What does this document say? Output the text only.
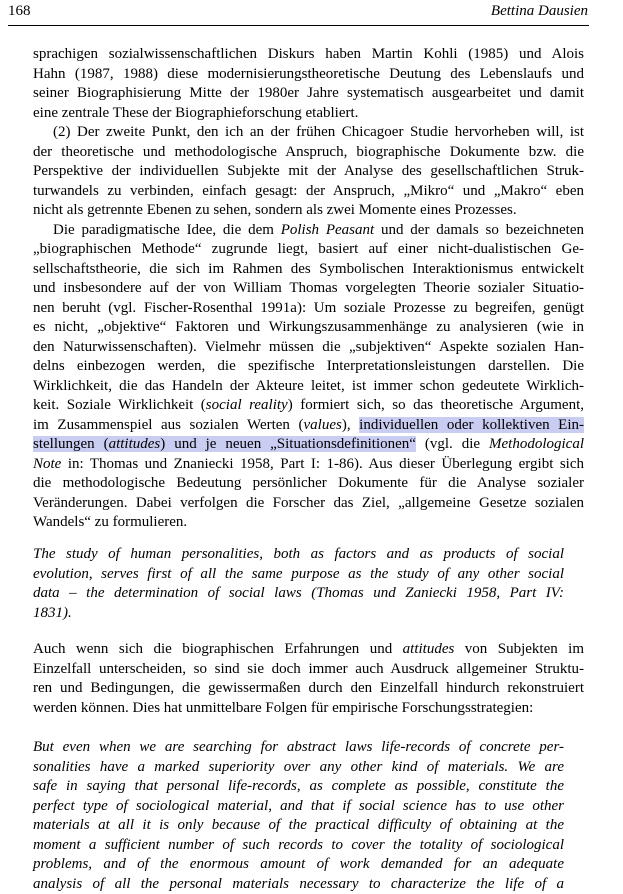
168	Bettina Dausien
sprachigen sozialwissenschaftlichen Diskurs haben Martin Kohli (1985) und Alois
Hahn (1987, 1988) diese modernisierungstheoretische Deutung des Lebenslaufs und
seiner Biographisierung Mitte der 1980er Jahre systematisch ausgearbeitet und damit
eine zentrale These der Biographieforschung etabliert.
(2) Der zweite Punkt, den ich an der frühen Chicagoer Studie hervorheben will, ist
der theoretische und methodologische Anspruch, biographische Dokumente bzw. die
Perspektive der individuellen Subjekte mit der Analyse des gesellschaftlichen Struk-
turwandels zu verbinden, einfach gesagt: der Anspruch, „Mikro“ und „Makro“ eben
nicht als getrennte Ebenen zu sehen, sondern als zwei Momente eines Prozesses.
Die paradigmatische Idee, die dem Polish Peasant und der damals so bezeichneten
„biographischen Methode“ zugrunde liegt, basiert auf einer nicht-dualistischen Ge-
sellschaftstheorie, die sich im Rahmen des Symbolischen Interaktionismus entwickelt
und insbesondere auf der von William Thomas vorgelegten Theorie sozialer Situatio-
nen beruht (vgl. Fischer-Rosenthal 1991a): Um soziale Prozesse zu begreifen, genügt
es nicht, „objektive“ Faktoren und Wirkungszusammenhänge zu analysieren (wie in
den Naturwissenschaften). Vielmehr müssen die „subjektiven“ Aspekte sozialen Han-
delns einbezogen werden, die spezifische Interpretationsleistungen darstellen. Die
Wirklichkeit, die das Handeln der Akteure leitet, ist immer schon gedeutete Wirklich-
keit. Soziale Wirklichkeit (social reality) formiert sich, so das theoretische Argument,
im Zusammenspiel aus sozialen Werten (values), individuellen oder kollektiven Ein-
stellungen (attitudes) und je neuen „Situationsdefinitionen“ (vgl. die Methodological
Note in: Thomas und Znaniecki 1958, Part I: 1-86). Aus dieser Überlegung ergibt sich
die methodologische Bedeutung persönlicher Dokumente für die Analyse sozialer
Veränderungen. Dabei verfolgen die Forscher das Ziel, „allgemeine Gesetze sozialen
Wandels“ zu formulieren.
The study of human personalities, both as factors and as products of social
evolution, serves first of all the same purpose as the study of any other social
data – the determination of social laws (Thomas und Zaniecki 1958, Part IV:
1831).
Auch wenn sich die biographischen Erfahrungen und attitudes von Subjekten im
Einzelfall unterscheiden, so sind sie doch immer auch Ausdruck allgemeiner Struktu-
ren und Bedingungen, die gewissermaßen durch den Einzelfall hindurch rekonstruiert
werden können. Dies hat unmittelbare Folgen für empirische Forschungsstrategien:
But even when we are searching for abstract laws life-records of concrete per-
sonalities have a marked superiority over any other kind of materials. We are
safe in saying that personal life-records, as complete as possible, constitute the
perfect type of sociological material, and that if social science has to use other
materials at all it is only because of the practical difficulty of obtaining at the
moment a sufficient number of such records to cover the totality of sociological
problems, and of the enormous amount of work demanded for an adequate
analysis of all the personal materials necessary to characterize the life of a
